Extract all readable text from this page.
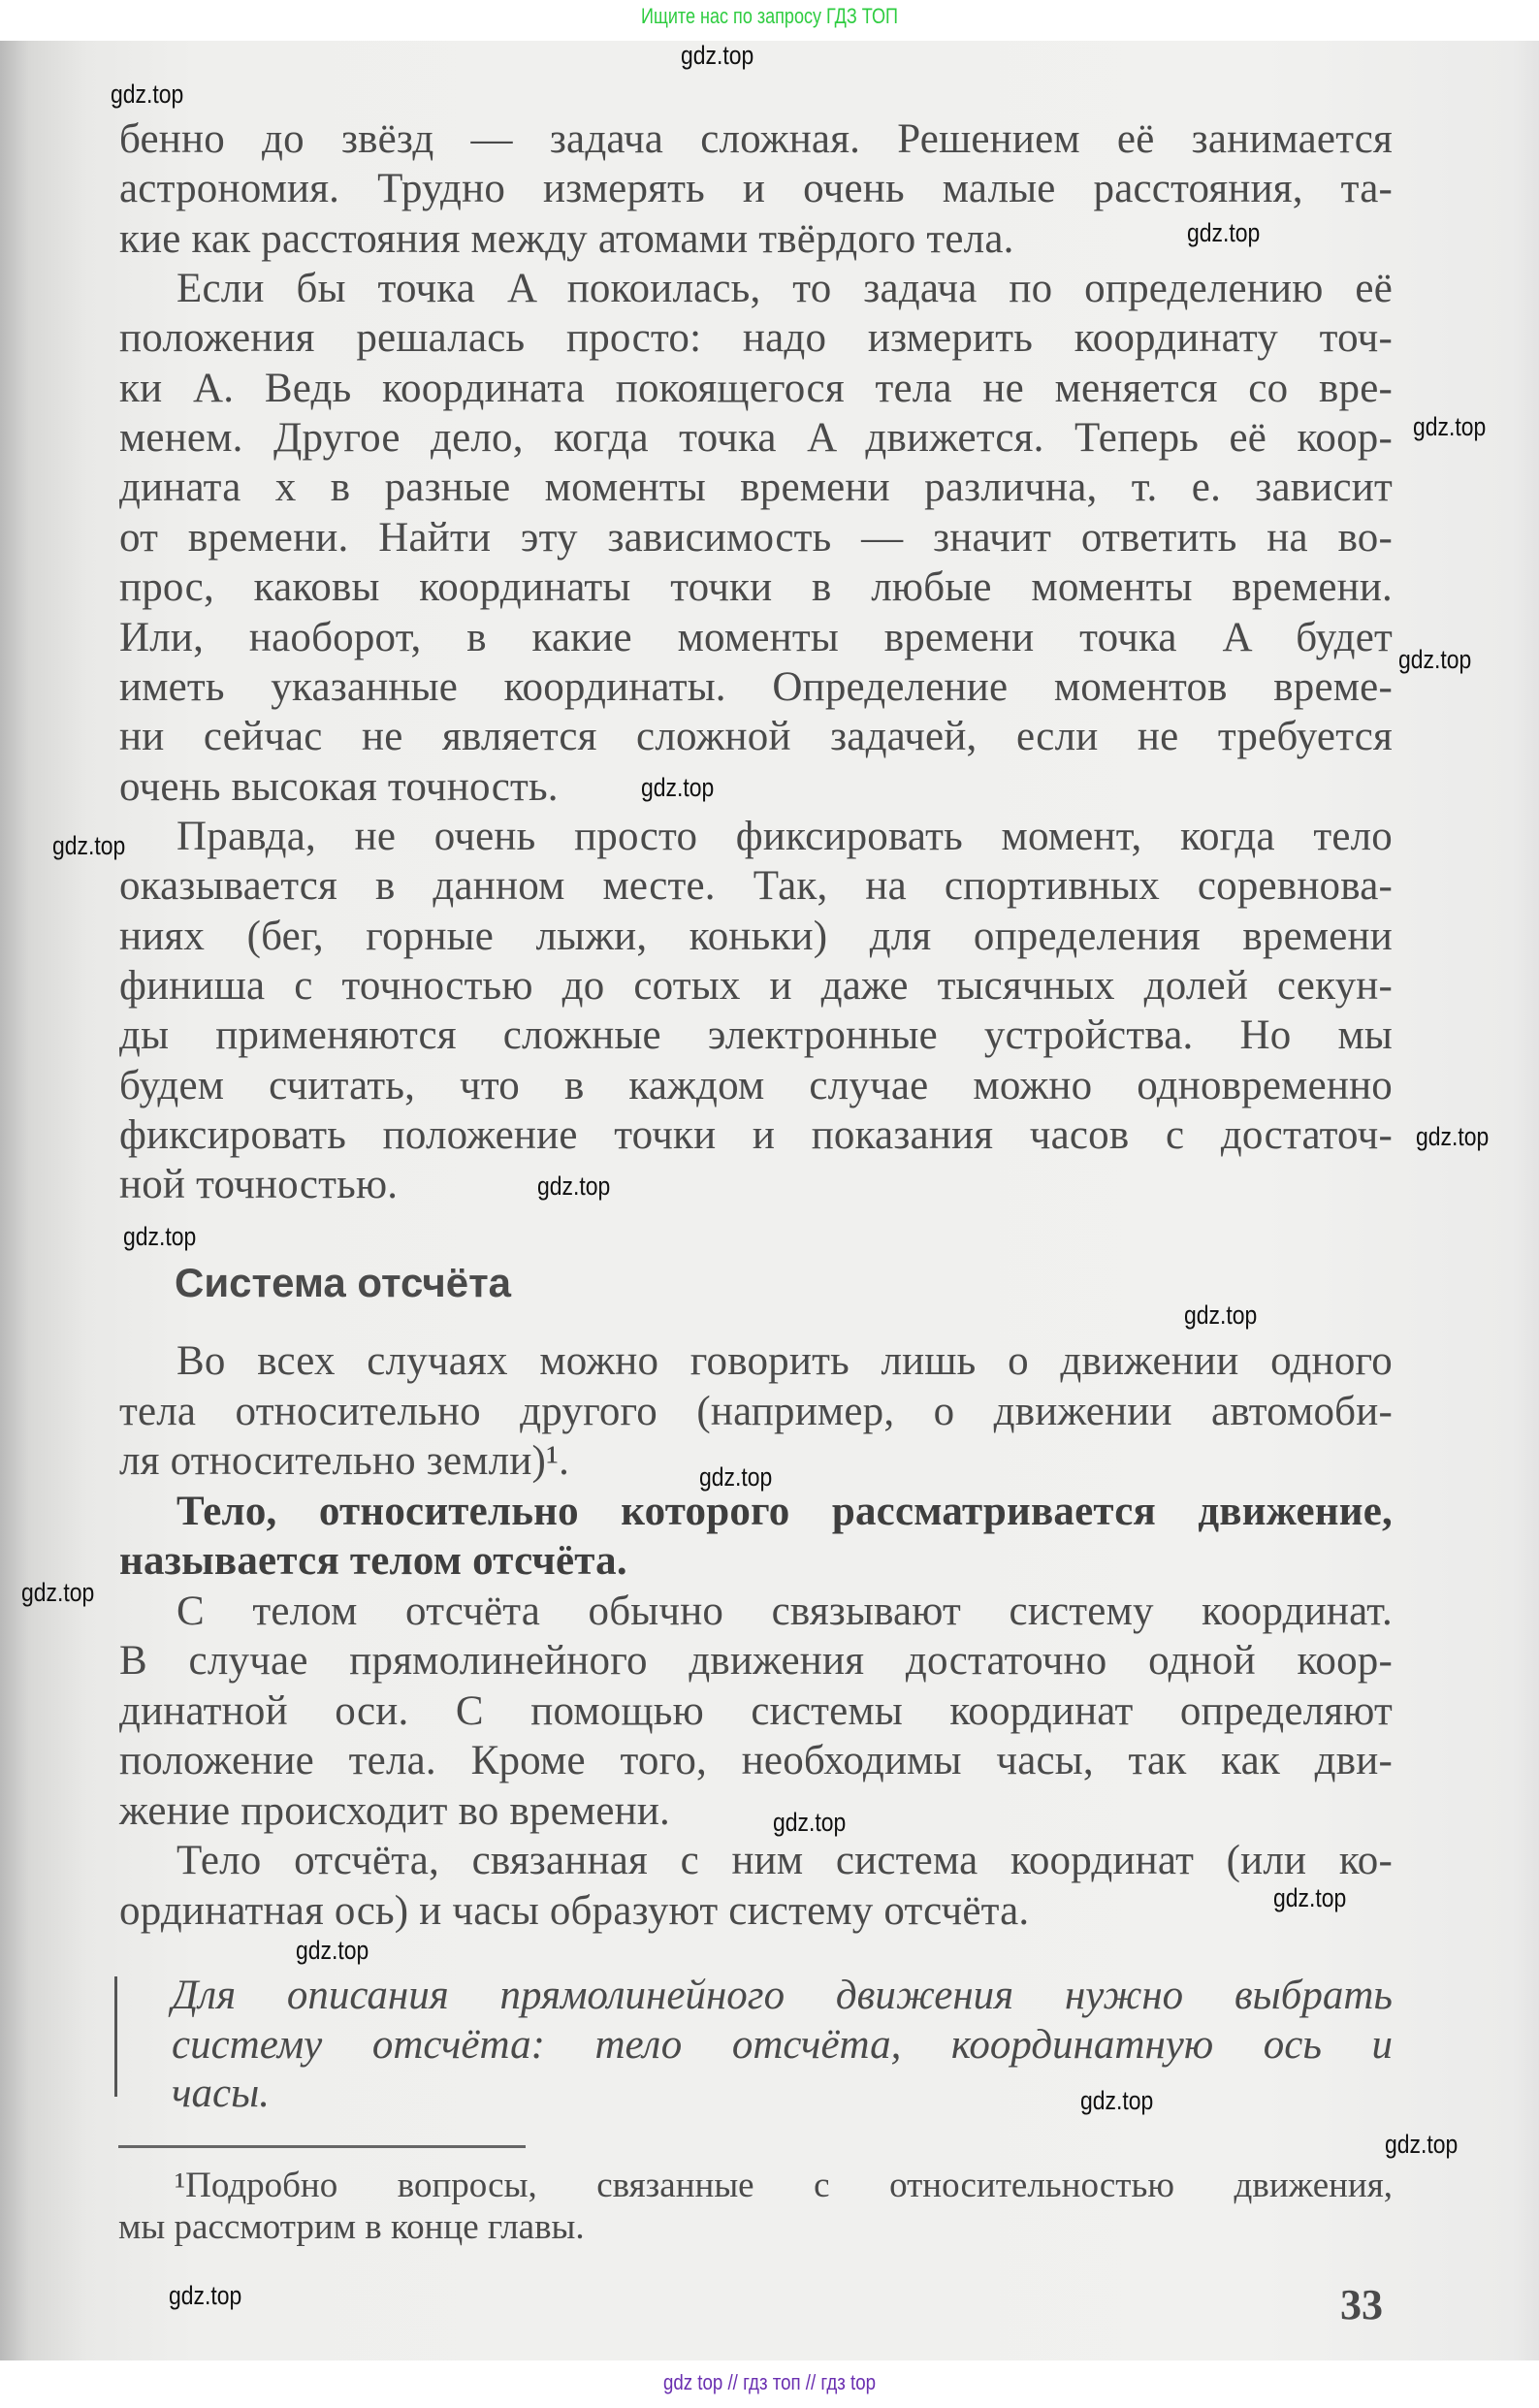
Ищите нас по запросу ГДЗ ТОП
бенно до звёзд — задача сложная. Решением её занимается
астрономия. Трудно измерять и очень малые расстояния, та-
кие как расстояния между атомами твёрдого тела.
Если бы точка A покоилась, то задача по определению её
положения решалась просто: надо измерить координату точ-
ки A. Ведь координата покоящегося тела не меняется со вре-
менем. Другое дело, когда точка A движется. Теперь её коор-
дината x в разные моменты времени различна, т. е. зависит
от времени. Найти эту зависимость — значит ответить на во-
прос, каковы координаты точки в любые моменты времени.
Или, наоборот, в какие моменты времени точка A будет
иметь указанные координаты. Определение моментов време-
ни сейчас не является сложной задачей, если не требуется
очень высокая точность.
Правда, не очень просто фиксировать момент, когда тело
оказывается в данном месте. Так, на спортивных соревнова-
ниях (бег, горные лыжи, коньки) для определения времени
финиша с точностью до сотых и даже тысячных долей секун-
ды применяются сложные электронные устройства. Но мы
будем считать, что в каждом случае можно одновременно
фиксировать положение точки и показания часов с достаточ-
ной точностью.
Во всех случаях можно говорить лишь о движении одного
тела относительно другого (например, о движении автомоби-
ля относительно земли)¹.
Тело, относительно которого рассматривается движение,
называется телом отсчёта.
С телом отсчёта обычно связывают систему координат.
В случае прямолинейного движения достаточно одной коор-
динатной оси. С помощью системы координат определяют
положение тела. Кроме того, необходимы часы, так как дви-
жение происходит во времени.
Тело отсчёта, связанная с ним система координат (или ко-
ординатная ось) и часы образуют систему отсчёта.
Система отсчёта
Для описания прямолинейного движения нужно выбрать
систему отсчёта: тело отсчёта, координатную ось и
часы.
¹Подробно вопросы, связанные с относительностью движения,
мы рассмотрим в конце главы.
33
gdz.top
gdz.top
gdz.top
gdz.top
gdz.top
gdz.top
gdz.top
gdz.top
gdz.top
gdz.top
gdz.top
gdz.top
gdz.top
gdz.top
gdz.top
gdz.top
gdz.top
gdz.top
gdz.top
gdz top // гдз топ // гдз top
